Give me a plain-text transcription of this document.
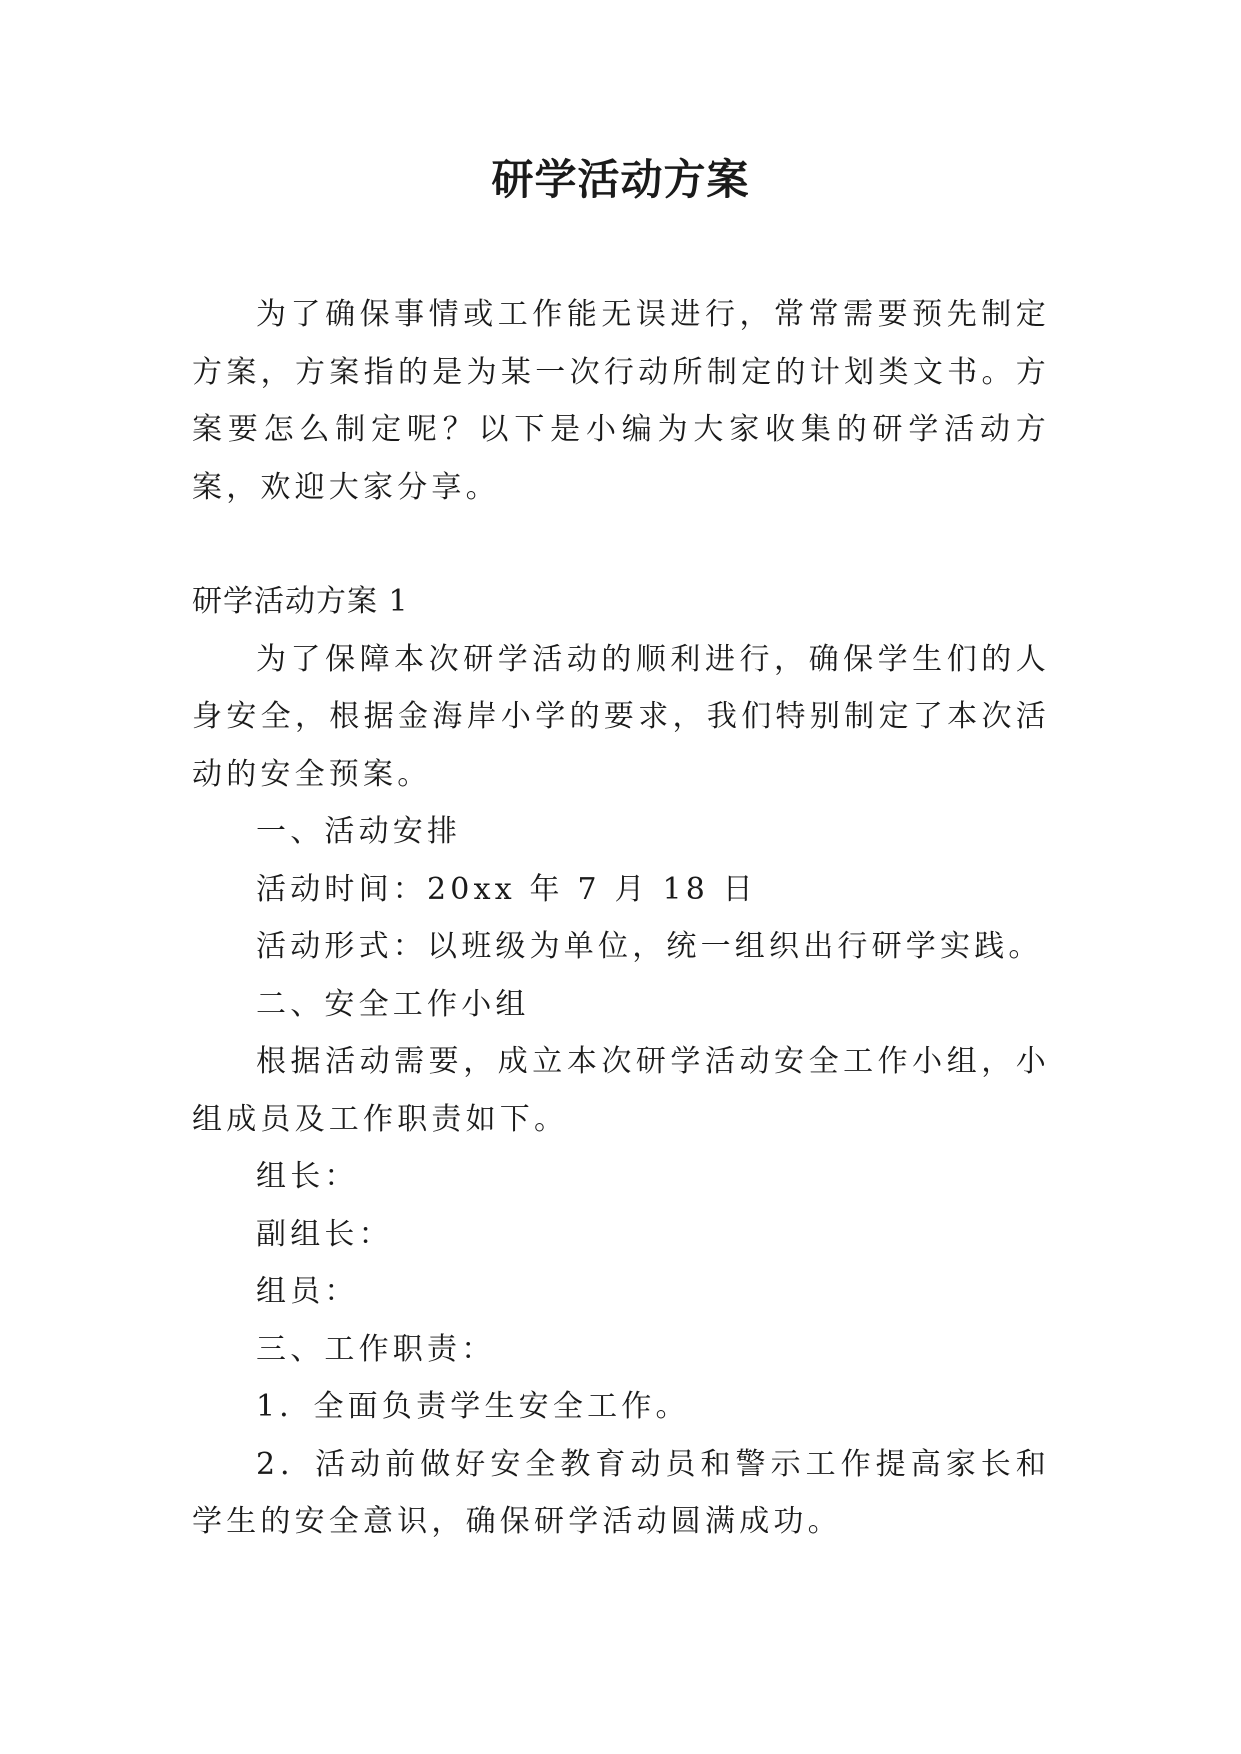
研学活动方案

为了确保事情或工作能无误进行，常常需要预先制定方案，方案指的是为某一次行动所制定的计划类文书。方案要怎么制定呢？以下是小编为大家收集的研学活动方案，欢迎大家分享。

研学活动方案 1

为了保障本次研学活动的顺利进行，确保学生们的人身安全，根据金海岸小学的要求，我们特别制定了本次活动的安全预案。

一、活动安排

活动时间：20xx 年 7 月 18 日

活动形式：以班级为单位，统一组织出行研学实践。

二、安全工作小组

根据活动需要，成立本次研学活动安全工作小组，小组成员及工作职责如下。

组长：

副组长：

组员：

三、工作职责：

1．全面负责学生安全工作。

2．活动前做好安全教育动员和警示工作提高家长和学生的安全意识，确保研学活动圆满成功。
